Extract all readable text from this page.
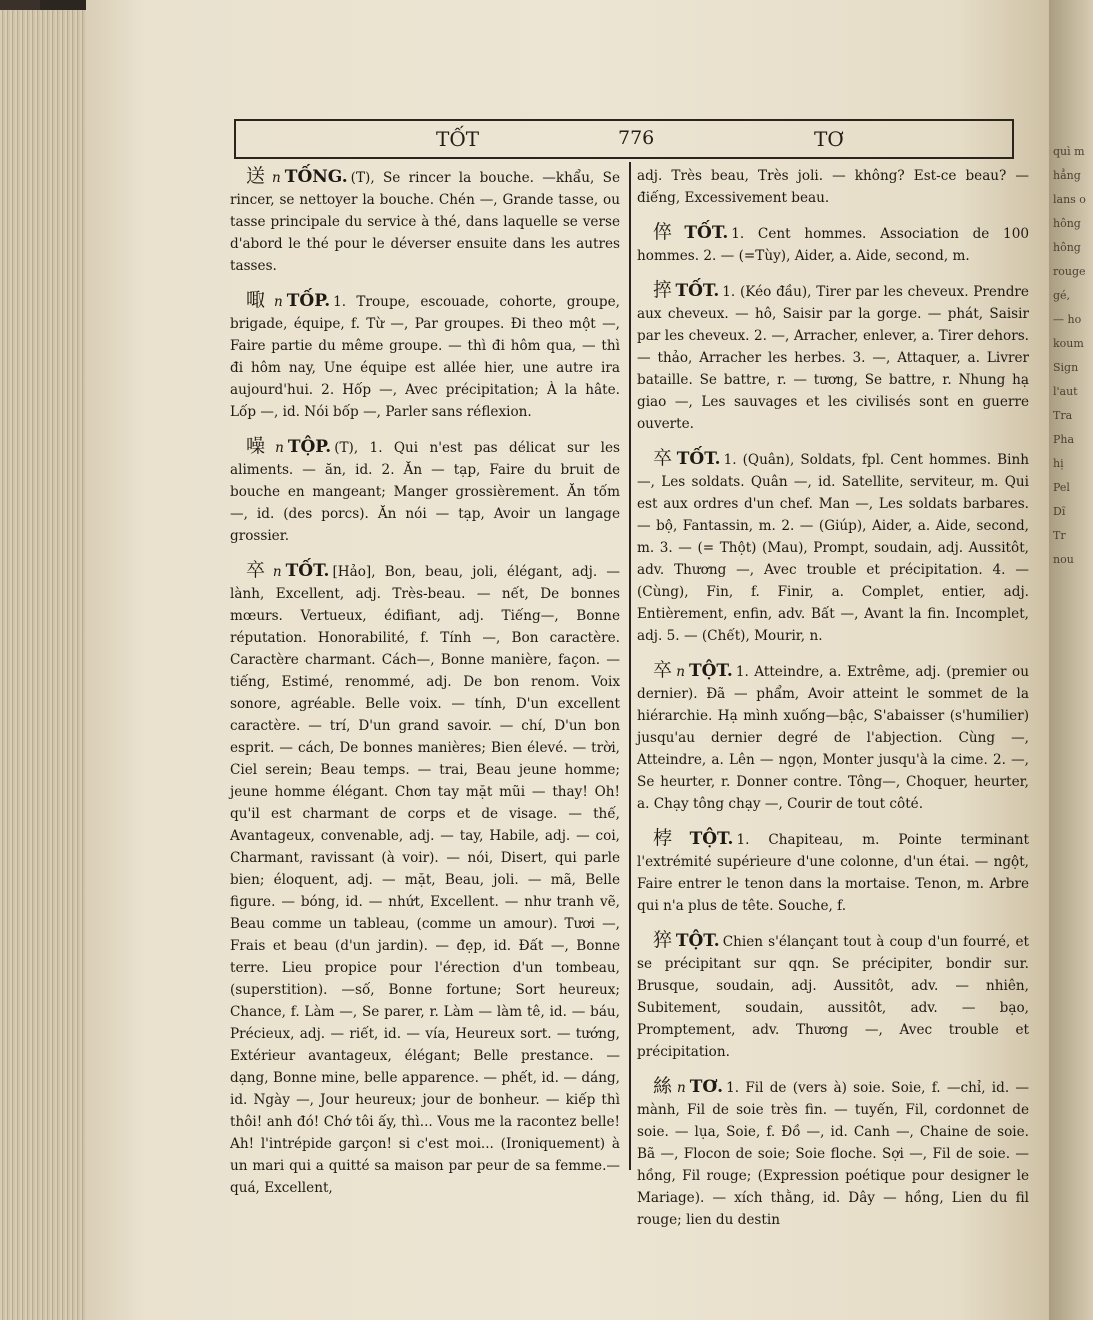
quì m
hẳng
lans o
hông
hông
rouge
gé,
— ho
koum
Sign
l'aut
Tra
Pha
hị
Pel
Dĩ
Tr
nou
TỐT	776	TƠ

送 n TỐNG. (T), Se rincer la bouche. —khẩu, Se rincer, se nettoyer la bouche. Chén —, Grande tasse, ou tasse principale du service à thé, dans laquelle se verse d'abord le thé pour le déverser ensuite dans les autres tasses.

㖩 n TỐP. 1. Troupe, escouade, cohorte, groupe, brigade, équipe, f. Từ —, Par groupes. Đi theo một —, Faire partie du même groupe. — thì đi hôm qua, — thì đi hôm nay, Une équipe est allée hier, une autre ira aujourd'hui. 2. Hốp —, Avec précipitation; À la hâte. Lốp —, id. Nói bốp —, Parler sans réflexion.

噪 n TỘP. (T), 1. Qui n'est pas délicat sur les aliments. — ăn, id. 2. Ăn — tạp, Faire du bruit de bouche en mangeant; Manger grossièrement. Ăn tốm —, id. (des porcs). Ăn nói — tạp, Avoir un langage grossier.

卒 n TỐT. [Hảo], Bon, beau, joli, élégant, adj. — lành, Excellent, adj. Très-beau. — nết, De bonnes mœurs. Vertueux, édifiant, adj. Tiếng—, Bonne réputation. Honorabilité, f. Tính —, Bon caractère. Caractère charmant. Cách—, Bonne manière, façon. — tiếng, Estimé, renommé, adj. De bon renom. Voix sonore, agréable. Belle voix. — tính, D'un excellent caractère. — trí, D'un grand savoir. — chí, D'un bon esprit. — cách, De bonnes manières; Bien élevé. — trời, Ciel serein; Beau temps. — trai, Beau jeune homme; jeune homme élégant. Chơn tay mặt mũi — thay! Oh! qu'il est charmant de corps et de visage. — thế, Avantageux, convenable, adj. — tay, Habile, adj. — coi, Charmant, ravissant (à voir). — nói, Disert, qui parle bien; éloquent, adj. — mặt, Beau, joli. — mã, Belle figure. — bóng, id. — nhứt, Excellent. — như tranh vẽ, Beau comme un tableau, (comme un amour). Tươi —, Frais et beau (d'un jardin). — đẹp, id. Đất —, Bonne terre. Lieu propice pour l'érection d'un tombeau, (superstition). —số, Bonne fortune; Sort heureux; Chance, f. Làm —, Se parer, r. Làm — làm tê, id. — báu, Précieux, adj. — riết, id. — vía, Heureux sort. — tướng, Extérieur avantageux, élégant; Belle prestance. — dạng, Bonne mine, belle apparence. — phết, id. — dáng, id. Ngày —, Jour heureux; jour de bonheur. — kiếp thì thôi! anh đó! Chớ tôi ấy, thì... Vous me la racontez belle! Ah! l'intrépide garçon! si c'est moi... (Ironiquement) à un mari qui a quitté sa maison par peur de sa femme.— quá, Excellent,

adj. Très beau, Très joli. — không? Est-ce beau? — điếng, Excessivement beau.

倅 TỐT. 1. Cent hommes. Association de 100 hommes. 2. — (=Tùy), Aider, a. Aide, second, m.

捽 TỐT. 1. (Kéo đầu), Tirer par les cheveux. Prendre aux cheveux. — hô, Saisir par la gorge. — phát, Saisir par les cheveux. 2. —, Arracher, enlever, a. Tirer dehors. — thảo, Arracher les herbes. 3. —, Attaquer, a. Livrer bataille. Se battre, r. — tương, Se battre, r. Nhung hạ giao —, Les sauvages et les civilisés sont en guerre ouverte.

卒 TỐT. 1. (Quân), Soldats, fpl. Cent hommes. Binh —, Les soldats. Quân —, id. Satellite, serviteur, m. Qui est aux ordres d'un chef. Man —, Les soldats barbares. — bộ, Fantassin, m. 2. — (Giúp), Aider, a. Aide, second, m. 3. — (= Thột) (Mau), Prompt, soudain, adj. Aussitôt, adv. Thương —, Avec trouble et précipitation. 4. — (Cùng), Fin, f. Finir, a. Complet, entier, adj. Entièrement, enfin, adv. Bất —, Avant la fin. Incomplet, adj. 5. — (Chết), Mourir, n.

卒 n TỘT. 1. Atteindre, a. Extrême, adj. (premier ou dernier). Đã — phẩm, Avoir atteint le sommet de la hiérarchie. Hạ mình xuống—bậc, S'abaisser (s'humilier) jusqu'au dernier degré de l'abjection. Cùng —, Atteindre, a. Lên — ngọn, Monter jusqu'à la cime. 2. —, Se heurter, r. Donner contre. Tông—, Choquer, heurter, a. Chạy tông chạy —, Courir de tout côté.

桲 TỘT. 1. Chapiteau, m. Pointe terminant l'extrémité supérieure d'une colonne, d'un étai. — ngột, Faire entrer le tenon dans la mortaise. Tenon, m. Arbre qui n'a plus de tête. Souche, f.

猝 TỘT. Chien s'élançant tout à coup d'un fourré, et se précipitant sur qqn. Se précipiter, bondir sur. Brusque, soudain, adj. Aussitôt, adv. — nhiên, Subitement, soudain, aussitôt, adv. — bạo, Promptement, adv. Thương —, Avec trouble et précipitation.

絲 n TƠ. 1. Fil de (vers à) soie. Soie, f. —chỉ, id. — mành, Fil de soie très fin. — tuyến, Fil, cordonnet de soie. — lụa, Soie, f. Đồ —, id. Canh —, Chaine de soie. Bã —, Flocon de soie; Soie floche. Sợi —, Fil de soie. — hồng, Fil rouge; (Expression poétique pour designer le Mariage). — xích thằng, id. Dây — hồng, Lien du fil rouge; lien du destin
